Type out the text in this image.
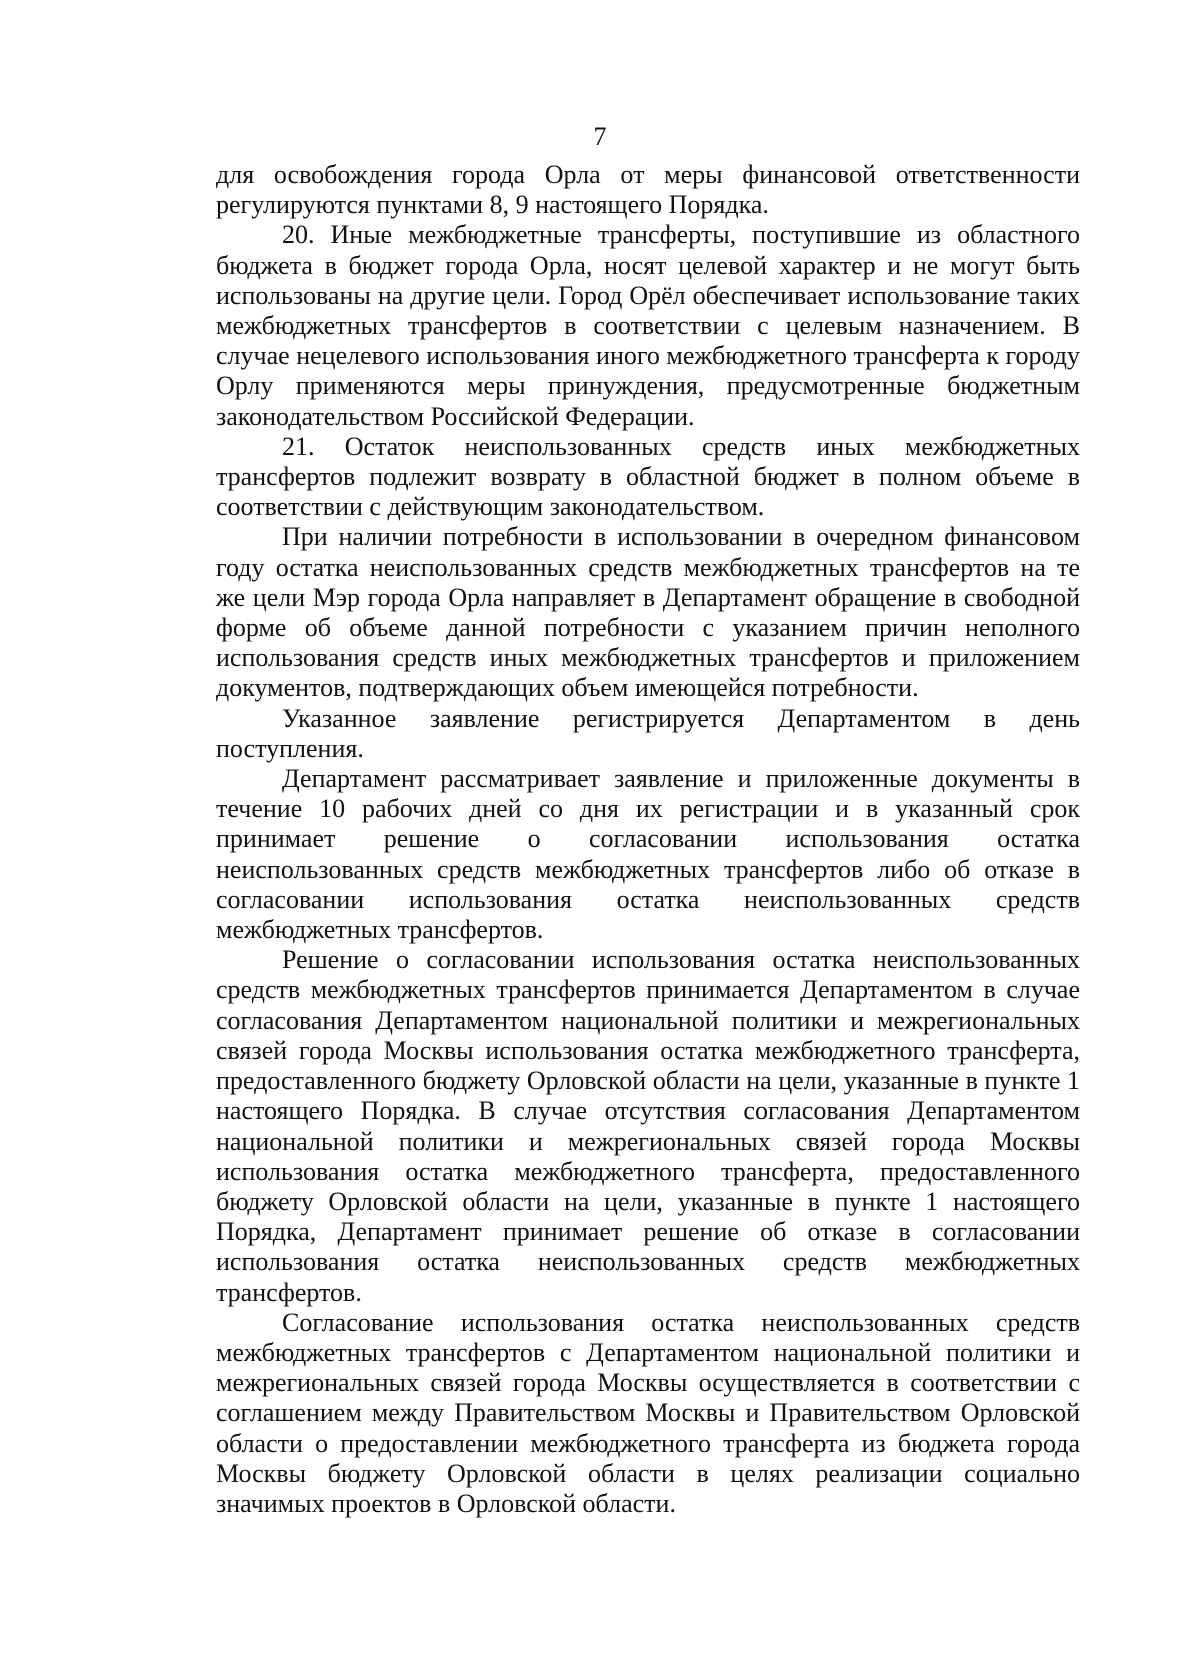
7

для освобождения города Орла от меры финансовой ответственности регулируются пунктами 8, 9 настоящего Порядка.

20. Иные межбюджетные трансферты, поступившие из областного бюджета в бюджет города Орла, носят целевой характер и не могут быть использованы на другие цели. Город Орёл обеспечивает использование таких межбюджетных трансфертов в соответствии с целевым назначением. В случае нецелевого использования иного межбюджетного трансферта к городу Орлу применяются меры принуждения, предусмотренные бюджетным законодательством Российской Федерации.

21. Остаток неиспользованных средств иных межбюджетных трансфертов подлежит возврату в областной бюджет в полном объеме в соответствии с действующим законодательством.

При наличии потребности в использовании в очередном финансовом году остатка неиспользованных средств межбюджетных трансфертов на те же цели Мэр города Орла направляет в Департамент обращение в свободной форме об объеме данной потребности с указанием причин неполного использования средств иных межбюджетных трансфертов и приложением документов, подтверждающих объем имеющейся потребности.

Указанное заявление регистрируется Департаментом в день поступления.

Департамент рассматривает заявление и приложенные документы в течение 10 рабочих дней со дня их регистрации и в указанный срок принимает решение о согласовании использования остатка неиспользованных средств межбюджетных трансфертов либо об отказе в согласовании использования остатка неиспользованных средств межбюджетных трансфертов.

Решение о согласовании использования остатка неиспользованных средств межбюджетных трансфертов принимается Департаментом в случае согласования Департаментом национальной политики и межрегиональных связей города Москвы использования остатка межбюджетного трансферта, предоставленного бюджету Орловской области на цели, указанные в пункте 1 настоящего Порядка. В случае отсутствия согласования Департаментом национальной политики и межрегиональных связей города Москвы использования остатка межбюджетного трансферта, предоставленного бюджету Орловской области на цели, указанные в пункте 1 настоящего Порядка, Департамент принимает решение об отказе в согласовании использования остатка неиспользованных средств межбюджетных трансфертов.

Согласование использования остатка неиспользованных средств межбюджетных трансфертов с Департаментом национальной политики и межрегиональных связей города Москвы осуществляется в соответствии с соглашением между Правительством Москвы и Правительством Орловской области о предоставлении межбюджетного трансферта из бюджета города Москвы бюджету Орловской области в целях реализации социально значимых проектов в Орловской области.
